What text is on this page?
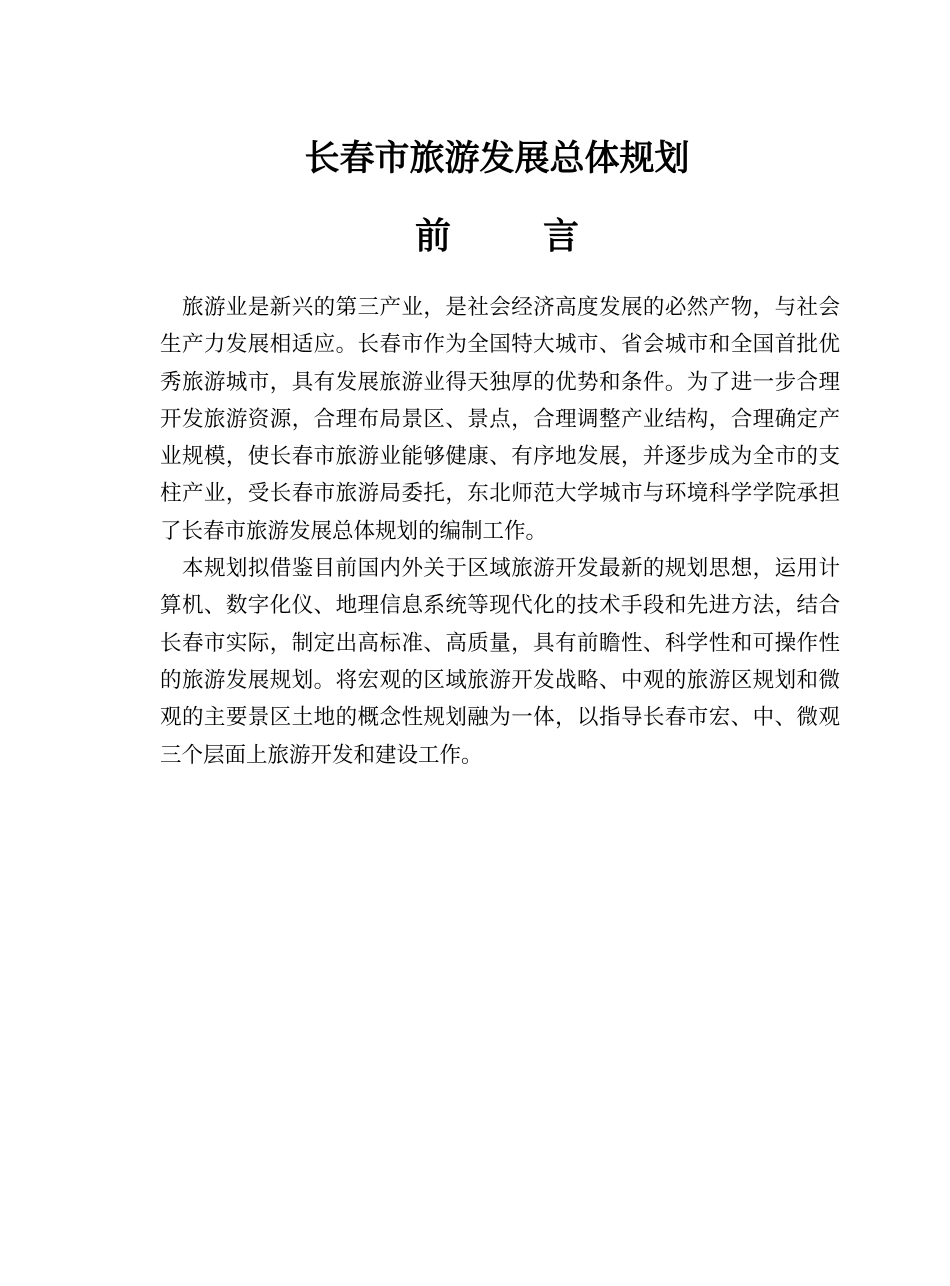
长春市旅游发展总体规划
前	言

旅游业是新兴的第三产业，是社会经济高度发展的必然产物，与社会生产力发展相适应。长春市作为全国特大城市、省会城市和全国首批优秀旅游城市，具有发展旅游业得天独厚的优势和条件。为了进一步合理开发旅游资源，合理布局景区、景点，合理调整产业结构，合理确定产业规模，使长春市旅游业能够健康、有序地发展，并逐步成为全市的支柱产业，受长春市旅游局委托，东北师范大学城市与环境科学学院承担了长春市旅游发展总体规划的编制工作。

本规划拟借鉴目前国内外关于区域旅游开发最新的规划思想，运用计算机、数字化仪、地理信息系统等现代化的技术手段和先进方法，结合长春市实际，制定出高标准、高质量，具有前瞻性、科学性和可操作性的旅游发展规划。将宏观的区域旅游开发战略、中观的旅游区规划和微观的主要景区土地的概念性规划融为一体，以指导长春市宏、中、微观三个层面上旅游开发和建设工作。
